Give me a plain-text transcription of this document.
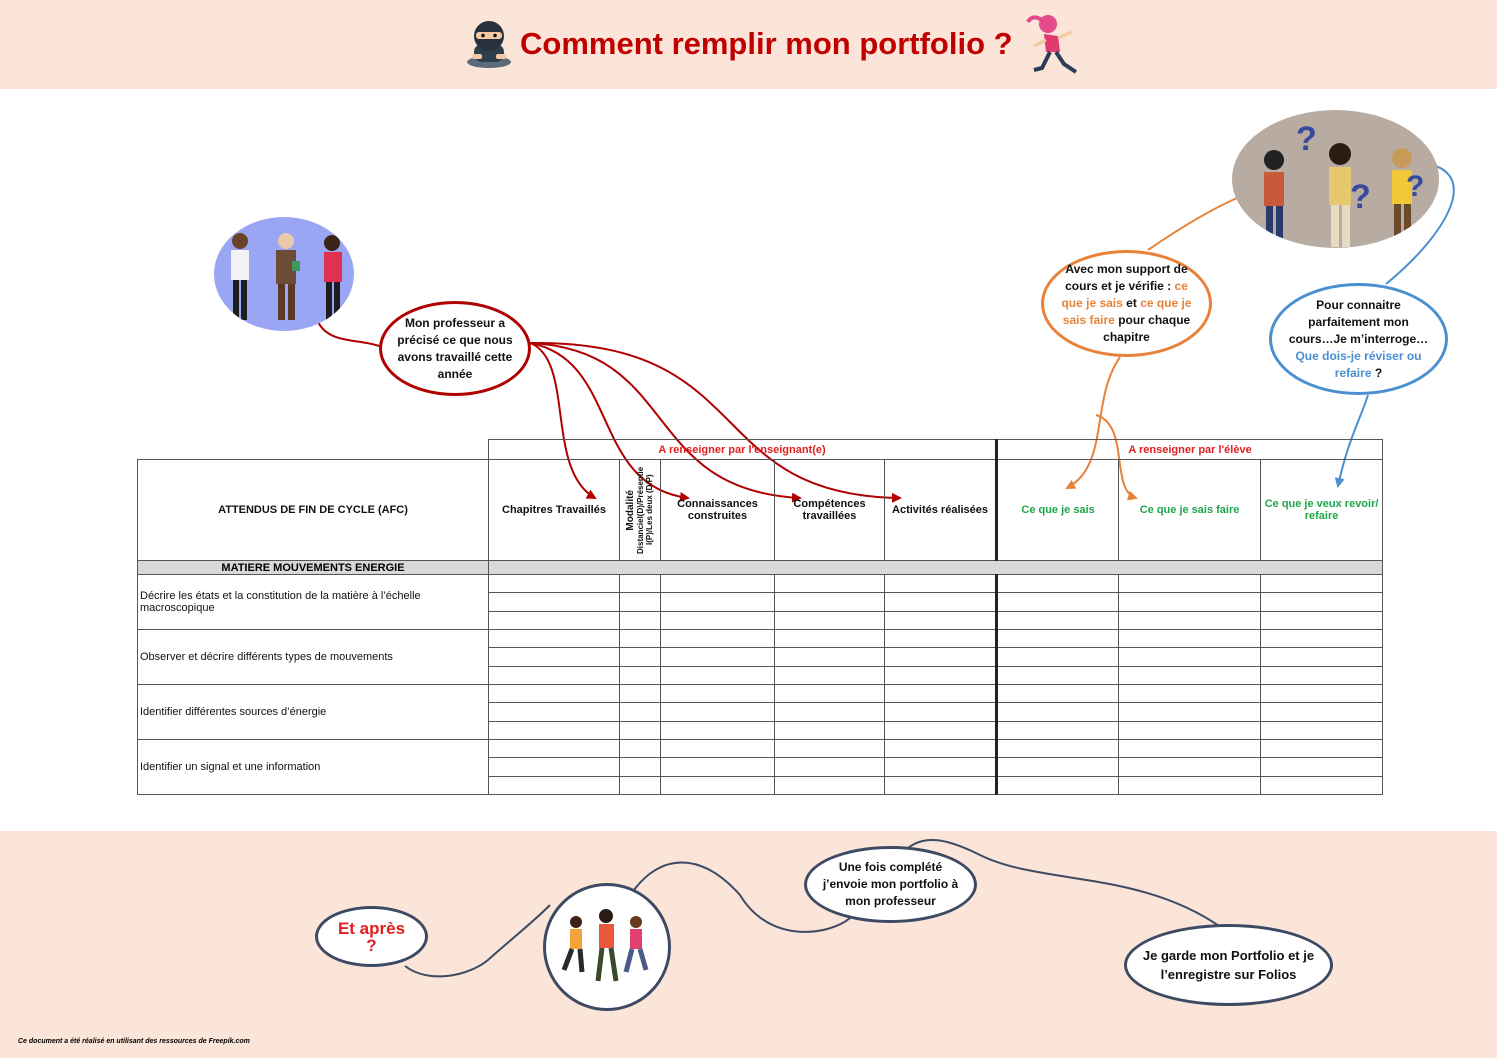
Comment remplir mon portfolio ?
?
? ?
Mon professeur a précisé ce que nous avons travaillé cette année
Avec mon support de cours et je vérifie : ce que je sais et ce que je sais faire pour chaque chapitre
Pour connaitre parfaitement mon cours…Je m’interroge…Que dois-je réviser ou refaire ?
Et après ?
Une fois complété j’envoie mon portfolio à mon professeur
Je garde mon Portfolio et je l’enregistre sur Folios
	A renseigner par l'enseignant(e)					A renseigner par l'élève		
ATTENDUS DE FIN DE CYCLE (AFC)	Chapitres Travaillés	Modalité Distanciel(D)/Présentie l(P)/Les deux (D/P)	Connaissances construites	Compétences travaillées	Activités réalisées	Ce que je sais	Ce que je sais faire	Ce que je veux revoir/ refaire
MATIERE MOUVEMENTS ENERGIE								
Décrire les états et la constitution de la matière à l’échelle macroscopique								

Observer et décrire différents types de mouvements								

Identifier différentes sources d’énergie								

Identifier un signal et une information								

Ce document a été réalisé en utilisant des ressources de Freepik.com
